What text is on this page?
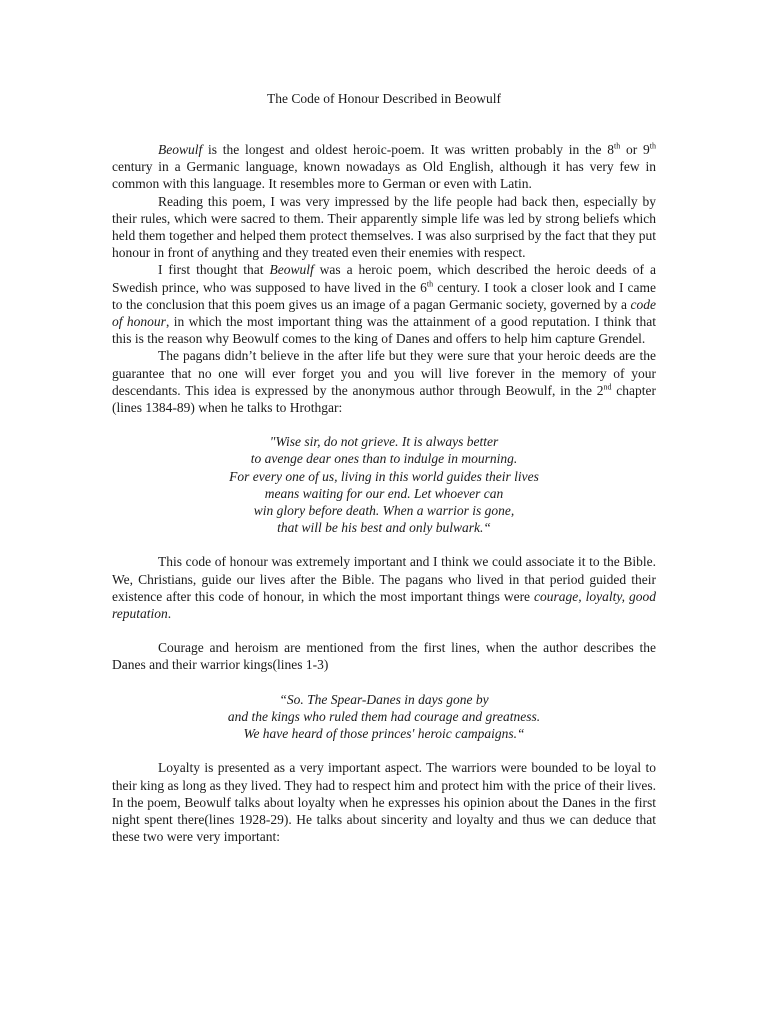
The Code of Honour Described in Beowulf

Beowulf is the longest and oldest heroic-poem. It was written probably in the 8th or 9th century in a Germanic language, known nowadays as Old English, although it has very few in common with this language. It resembles more to German or even with Latin.

Reading this poem, I was very impressed by the life people had back then, especially by their rules, which were sacred to them. Their apparently simple life was led by strong beliefs which held them together and helped them protect themselves. I was also surprised by the fact that they put honour in front of anything and they treated even their enemies with respect.

I first thought that Beowulf was a heroic poem, which described the heroic deeds of a Swedish prince, who was supposed to have lived in the 6th century. I took a closer look and I came to the conclusion that this poem gives us an image of a pagan Germanic society, governed by a code of honour, in which the most important thing was the attainment of a good reputation. I think that this is the reason why Beowulf comes to the king of Danes and offers to help him capture Grendel.

The pagans didn’t believe in the after life but they were sure that your heroic deeds are the guarantee that no one will ever forget you and you will live forever in the memory of your descendants. This idea is expressed by the anonymous author through Beowulf, in the 2nd chapter (lines 1384-89) when he talks to Hrothgar:

"Wise sir, do not grieve. It is always better
to avenge dear ones than to indulge in mourning.
For every one of us, living in this world guides their lives
means waiting for our end. Let whoever can
win glory before death. When a warrior is gone,
that will be his best and only bulwark.“

This code of honour was extremely important and I think we could associate it to the Bible. We, Christians, guide our lives after the Bible. The pagans who lived in that period guided their existence after this code of honour, in which the most important things were courage, loyalty, good reputation.

Courage and heroism are mentioned from the first lines, when the author describes the Danes and their warrior kings(lines 1-3)

“So. The Spear-Danes in days gone by
and the kings who ruled them had courage and greatness.
We have heard of those princes' heroic campaigns.“

Loyalty is presented as a very important aspect. The warriors were bounded to be loyal to their king as long as they lived. They had to respect him and protect him with the price of their lives. In the poem, Beowulf talks about loyalty when he expresses his opinion about the Danes in the first night spent there(lines 1928-29). He talks about sincerity and loyalty and thus we can deduce that these two were very important:
